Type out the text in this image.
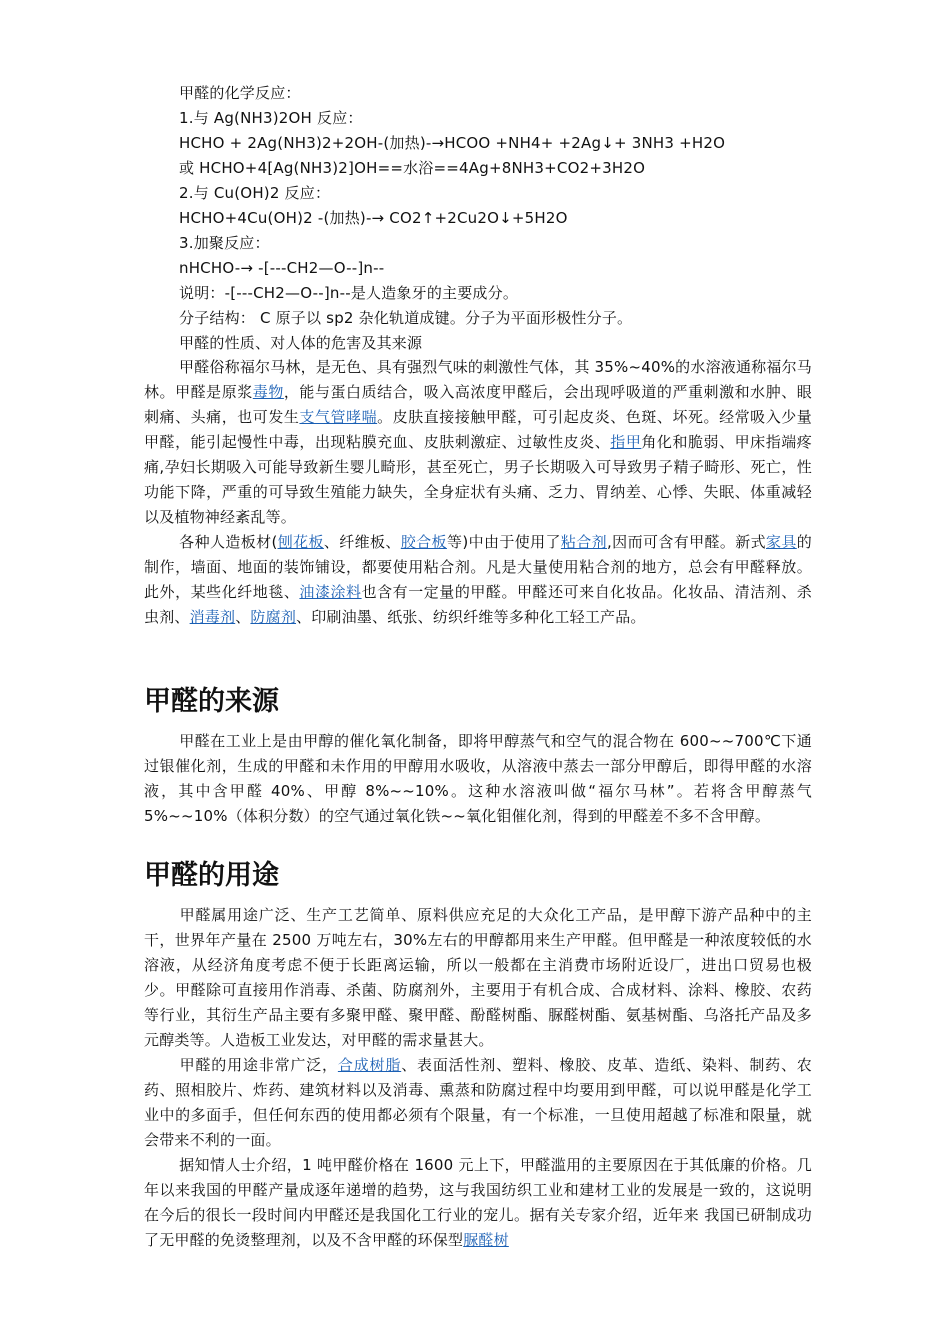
甲醛的化学反应：
1.与 Ag(NH3)2OH 反应：
HCHO + 2Ag(NH3)2+2OH-(加热)-→HCOO +NH4+ +2Ag↓+ 3NH3 +H2O
或 HCHO+4[Ag(NH3)2]OH==水浴==4Ag+8NH3+CO2+3H2O
2.与 Cu(OH)2 反应：
HCHO+4Cu(OH)2 -(加热)-→ CO2↑+2Cu2O↓+5H2O
3.加聚反应：
nHCHO-→ -[---CH2—O--]n--
说明：-[---CH2—O--]n--是人造象牙的主要成分。
分子结构： C 原子以 sp2 杂化轨道成键。分子为平面形极性分子。
甲醛的性质、对人体的危害及其来源

甲醛俗称福尔马林，是无色、具有强烈气味的刺激性气体，其 35%~40%的水溶液通称福尔马林。甲醛是原浆毒物，能与蛋白质结合，吸入高浓度甲醛后，会出现呼吸道的严重刺激和水肿、眼刺痛、头痛，也可发生支气管哮喘。皮肤直接接触甲醛，可引起皮炎、色斑、坏死。经常吸入少量甲醛，能引起慢性中毒，出现粘膜充血、皮肤刺激症、过敏性皮炎、指甲角化和脆弱、甲床指端疼痛,孕妇长期吸入可能导致新生婴儿畸形，甚至死亡，男子长期吸入可导致男子精子畸形、死亡，性功能下降，严重的可导致生殖能力缺失，全身症状有头痛、乏力、胃纳差、心悸、失眠、体重减轻以及植物神经紊乱等。

各种人造板材(刨花板、纤维板、胶合板等)中由于使用了粘合剂,因而可含有甲醛。新式家具的制作，墙面、地面的装饰铺设，都要使用粘合剂。凡是大量使用粘合剂的地方，总会有甲醛释放。此外，某些化纤地毯、油漆涂料也含有一定量的甲醛。甲醛还可来自化妆品。化妆品、清洁剂、杀虫剂、消毒剂、防腐剂、印刷油墨、纸张、纺织纤维等多种化工轻工产品。

甲醛的来源

甲醛在工业上是由甲醇的催化氧化制备，即将甲醇蒸气和空气的混合物在 600~~700℃下通过银催化剂，生成的甲醛和未作用的甲醇用水吸收，从溶液中蒸去一部分甲醇后，即得甲醛的水溶液，其中含甲醛 40%、甲醇 8%~~10%。这种水溶液叫做“福尔马林”。若将含甲醇蒸气 5%~~10%（体积分数）的空气通过氧化铁~~氧化钼催化剂，得到的甲醛差不多不含甲醇。

甲醛的用途

甲醛属用途广泛、生产工艺简单、原料供应充足的大众化工产品，是甲醇下游产品种中的主干，世界年产量在 2500 万吨左右，30%左右的甲醇都用来生产甲醛。但甲醛是一种浓度较低的水溶液，从经济角度考虑不便于长距离运输，所以一般都在主消费市场附近设厂，进出口贸易也极少。甲醛除可直接用作消毒、杀菌、防腐剂外，主要用于有机合成、合成材料、涂料、橡胶、农药等行业，其衍生产品主要有多聚甲醛、聚甲醛、酚醛树酯、脲醛树酯、氨基树酯、乌洛托产品及多元醇类等。人造板工业发达，对甲醛的需求量甚大。

甲醛的用途非常广泛，合成树脂、表面活性剂、塑料、橡胶、皮革、造纸、染料、制药、农药、照相胶片、炸药、建筑材料以及消毒、熏蒸和防腐过程中均要用到甲醛，可以说甲醛是化学工业中的多面手，但任何东西的使用都必须有个限量，有一个标准，一旦使用超越了标准和限量，就会带来不利的一面。

据知情人士介绍，1 吨甲醛价格在 1600 元上下，甲醛滥用的主要原因在于其低廉的价格。几年以来我国的甲醛产量成逐年递增的趋势，这与我国纺织工业和建材工业的发展是一致的，这说明在今后的很长一段时间内甲醛还是我国化工行业的宠儿。据有关专家介绍，近年来 我国已研制成功了无甲醛的免烫整理剂，以及不含甲醛的环保型脲醛树
